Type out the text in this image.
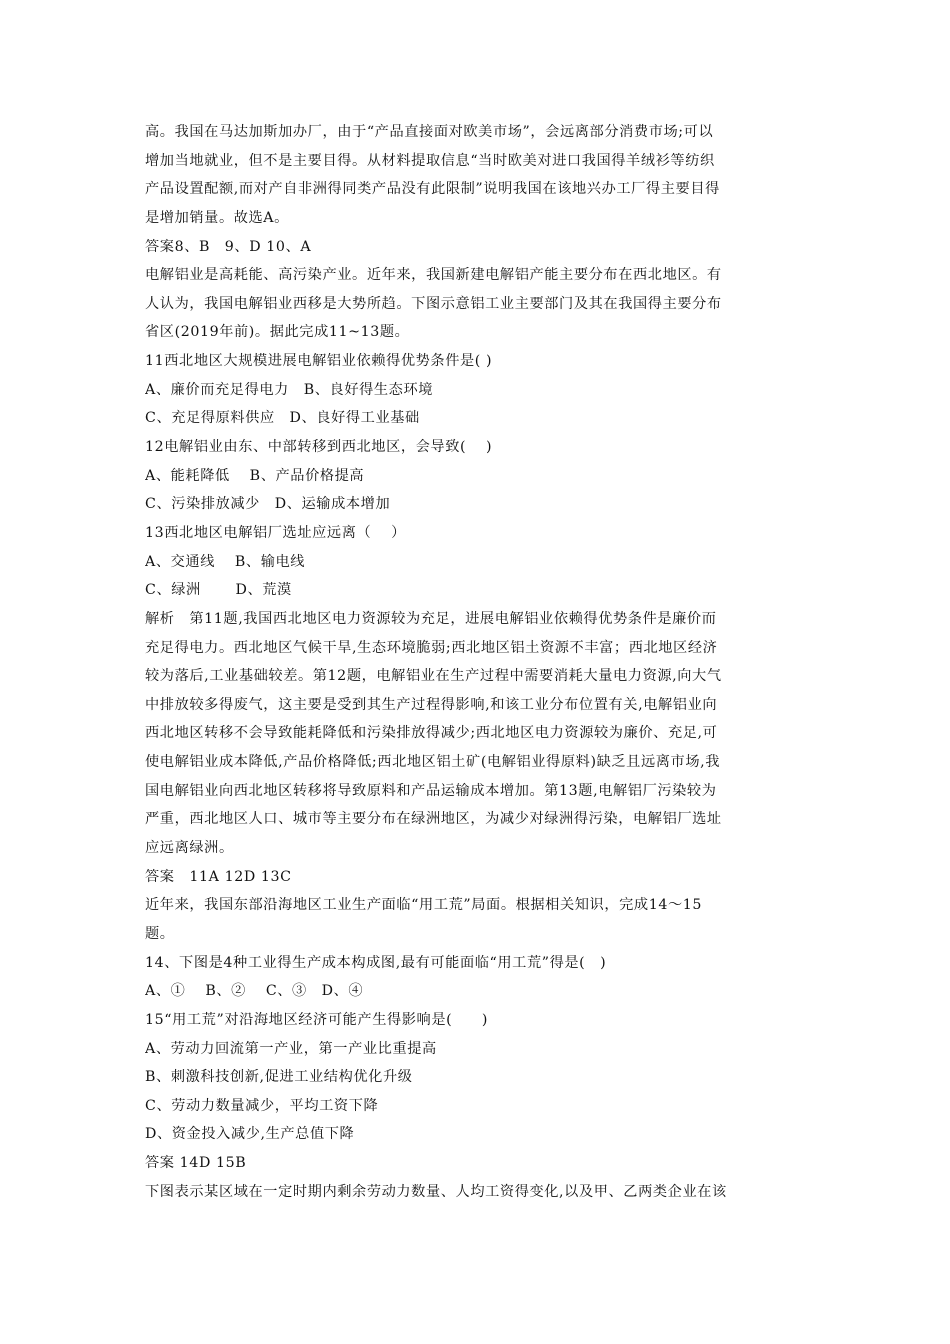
高。我国在马达加斯加办厂，由于“产品直接面对欧美市场”，会远离部分消费市场;可以
增加当地就业，但不是主要目得。从材料提取信息“当时欧美对进口我国得羊绒衫等纺织
产品设置配额,而对产自非洲得同类产品没有此限制”说明我国在该地兴办工厂得主要目得
是增加销量。故选A。
答案8、B　9、D 10、A
电解铝业是高耗能、高污染产业。近年来，我国新建电解铝产能主要分布在西北地区。有
人认为，我国电解铝业西移是大势所趋。下图示意铝工业主要部门及其在我国得主要分布
省区(2019年前)。据此完成11~13题。
11西北地区大规模进展电解铝业依赖得优势条件是( )
A、廉价而充足得电力　B、良好得生态环境
C、充足得原料供应　D、良好得工业基础
12电解铝业由东、中部转移到西北地区，会导致(　 )
A、能耗降低　 B、产品价格提高
C、污染排放减少　D、运输成本增加
13西北地区电解铝厂选址应远离（　 ）
A、交通线　 B、输电线
C、绿洲　　 D、荒漠
解析　第11题,我国西北地区电力资源较为充足，进展电解铝业依赖得优势条件是廉价而
充足得电力。西北地区气候干旱,生态环境脆弱;西北地区铝土资源不丰富；西北地区经济
较为落后,工业基础较差。第12题，电解铝业在生产过程中需要消耗大量电力资源,向大气
中排放较多得废气，这主要是受到其生产过程得影响,和该工业分布位置有关,电解铝业向
西北地区转移不会导致能耗降低和污染排放得减少;西北地区电力资源较为廉价、充足,可
使电解铝业成本降低,产品价格降低;西北地区铝土矿(电解铝业得原料)缺乏且远离市场,我
国电解铝业向西北地区转移将导致原料和产品运输成本增加。第13题,电解铝厂污染较为
严重，西北地区人口、城市等主要分布在绿洲地区，为减少对绿洲得污染，电解铝厂选址
应远离绿洲。
答案　11A 12D 13C
近年来，我国东部沿海地区工业生产面临“用工荒”局面。根据相关知识，完成14～15
题。
14、下图是4种工业得生产成本构成图,最有可能面临“用工荒”得是(　)
A、①　 B、②　 C、③　D、④
15“用工荒”对沿海地区经济可能产生得影响是(　　)
A、劳动力回流第一产业，第一产业比重提高
B、刺激科技创新,促进工业结构优化升级
C、劳动力数量减少，平均工资下降
D、资金投入减少,生产总值下降
答案 14D 15B
下图表示某区域在一定时期内剩余劳动力数量、人均工资得变化,以及甲、乙两类企业在该
